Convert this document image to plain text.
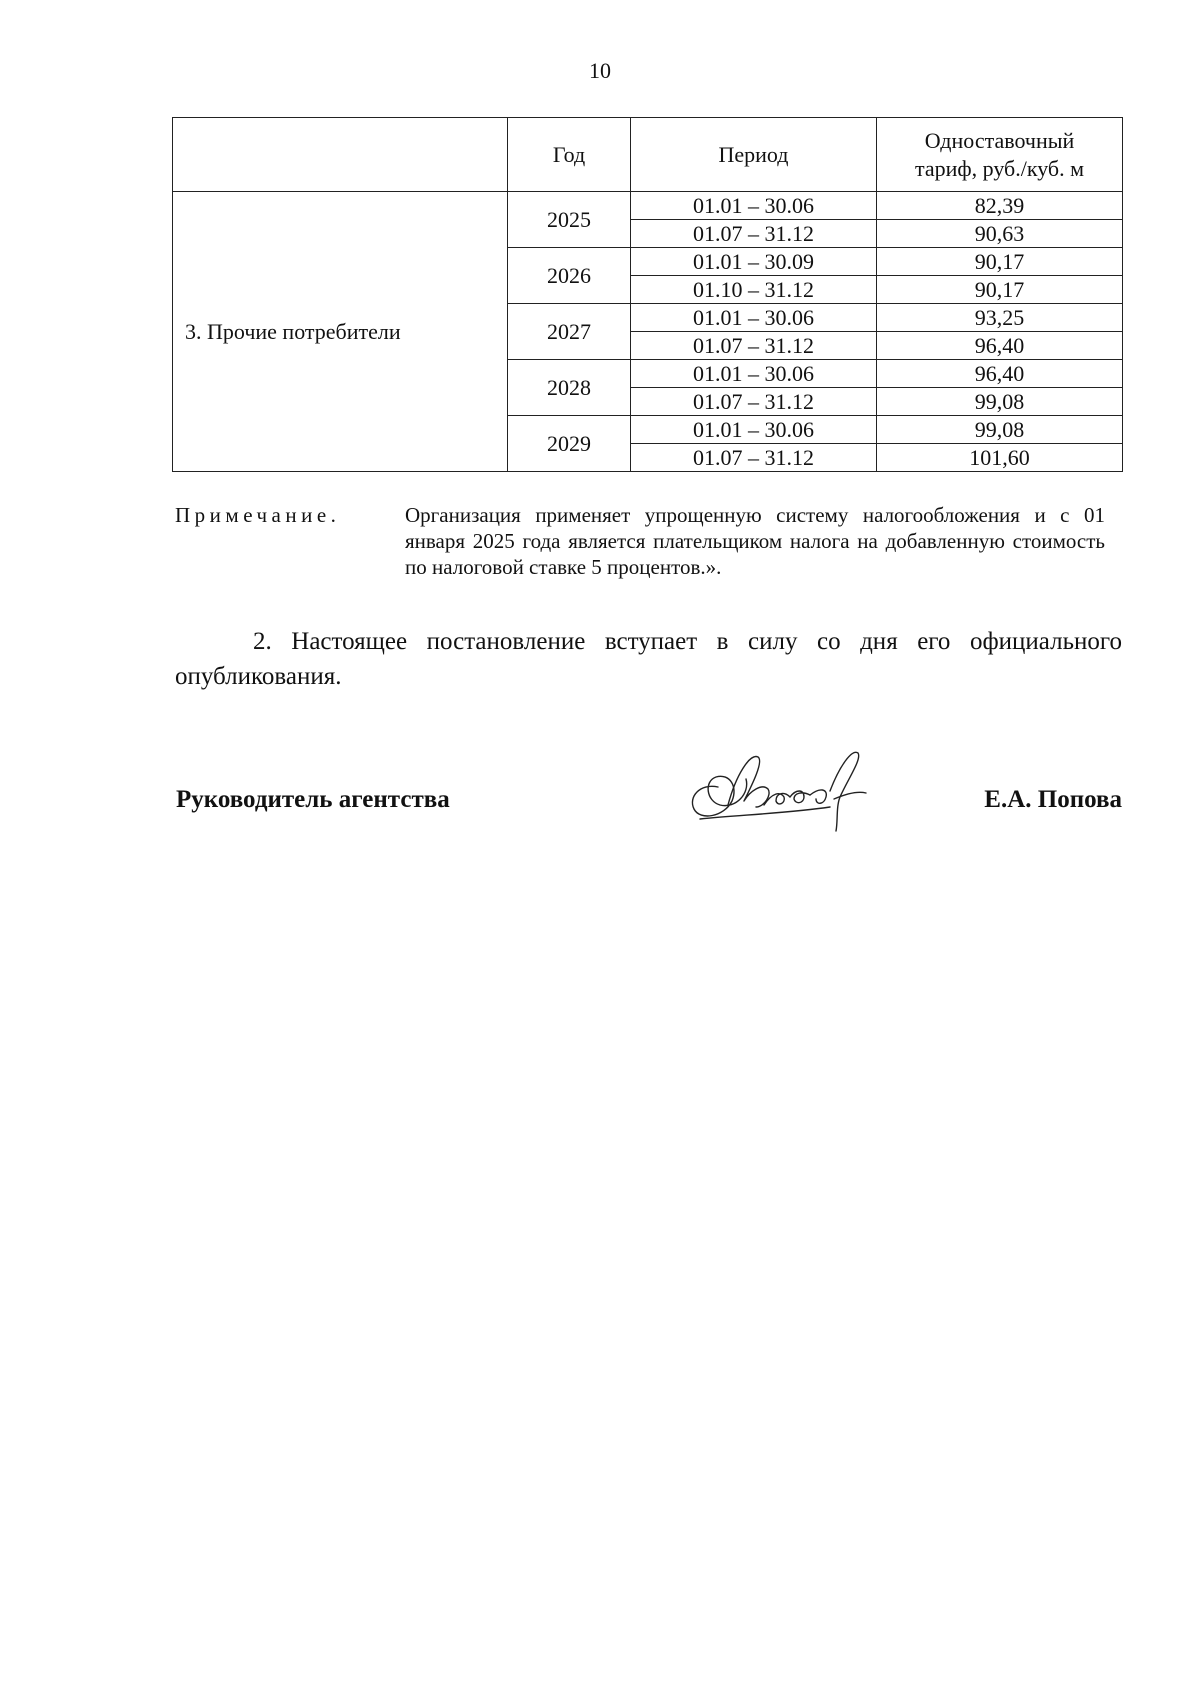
10
	Год	Период	Одноставочный тариф, руб./куб. м
3. Прочие потребители	2025	01.01 – 30.06	82,39
		01.07 – 31.12	90,63
	2026	01.01 – 30.09	90,17
		01.10 – 31.12	90,17
	2027	01.01 – 30.06	93,25
		01.07 – 31.12	96,40
	2028	01.01 – 30.06	96,40
		01.07 – 31.12	99,08
	2029	01.01 – 30.06	99,08
		01.07 – 31.12	101,60
Примечание.	Организация применяет упрощенную систему налогообложения и с 01 января 2025 года является плательщиком налога на добавленную стоимость по налоговой ставке 5 процентов.».
2. Настоящее постановление вступает в силу со дня его официального опубликования.
Руководитель агентства	Е.А. Попова
